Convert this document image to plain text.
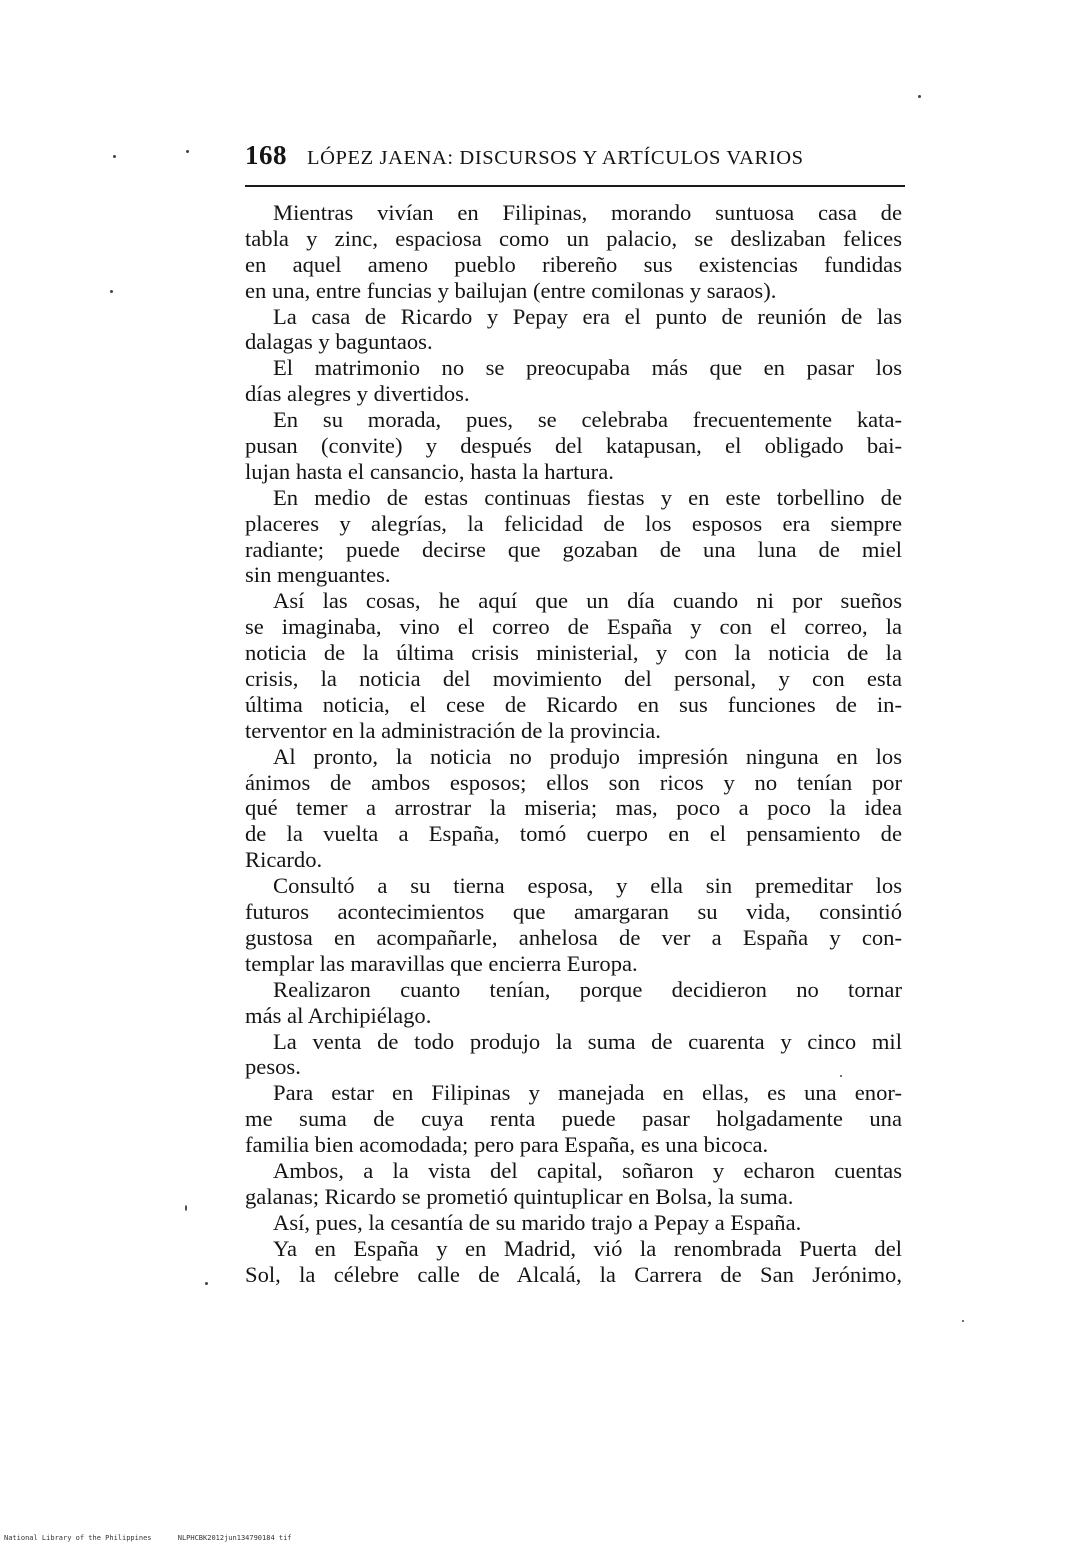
168 LÓPEZ JAENA: DISCURSOS Y ARTÍCULOS VARIOS
Mientras vivían en Filipinas, morando suntuosa casa de
tabla y zinc, espaciosa como un palacio, se deslizaban felices
en aquel ameno pueblo ribereño sus existencias fundidas
en una, entre funcias y bailujan (entre comilonas y saraos).
La casa de Ricardo y Pepay era el punto de reunión de las
dalagas y baguntaos.
El matrimonio no se preocupaba más que en pasar los
días alegres y divertidos.
En su morada, pues, se celebraba frecuentemente kata-
pusan (convite) y después del katapusan, el obligado bai-
lujan hasta el cansancio, hasta la hartura.
En medio de estas continuas fiestas y en este torbellino de
placeres y alegrías, la felicidad de los esposos era siempre
radiante; puede decirse que gozaban de una luna de miel
sin menguantes.
Así las cosas, he aquí que un día cuando ni por sueños
se imaginaba, vino el correo de España y con el correo, la
noticia de la última crisis ministerial, y con la noticia de la
crisis, la noticia del movimiento del personal, y con esta
última noticia, el cese de Ricardo en sus funciones de in-
terventor en la administración de la provincia.
Al pronto, la noticia no produjo impresión ninguna en los
ánimos de ambos esposos; ellos son ricos y no tenían por
qué temer a arrostrar la miseria; mas, poco a poco la idea
de la vuelta a España, tomó cuerpo en el pensamiento de
Ricardo.
Consultó a su tierna esposa, y ella sin premeditar los
futuros acontecimientos que amargaran su vida, consintió
gustosa en acompañarle, anhelosa de ver a España y con-
templar las maravillas que encierra Europa.
Realizaron cuanto tenían, porque decidieron no tornar
más al Archipiélago.
La venta de todo produjo la suma de cuarenta y cinco mil
pesos.
Para estar en Filipinas y manejada en ellas, es una enor-
me suma de cuya renta puede pasar holgadamente una
familia bien acomodada; pero para España, es una bicoca.
Ambos, a la vista del capital, soñaron y echaron cuentas
galanas; Ricardo se prometió quintuplicar en Bolsa, la suma.
Así, pues, la cesantía de su marido trajo a Pepay a España.
Ya en España y en Madrid, vió la renombrada Puerta del
Sol, la célebre calle de Alcalá, la Carrera de San Jerónimo,
National Library of the Philippines	NLPHCBK2012jun134790184 tif
